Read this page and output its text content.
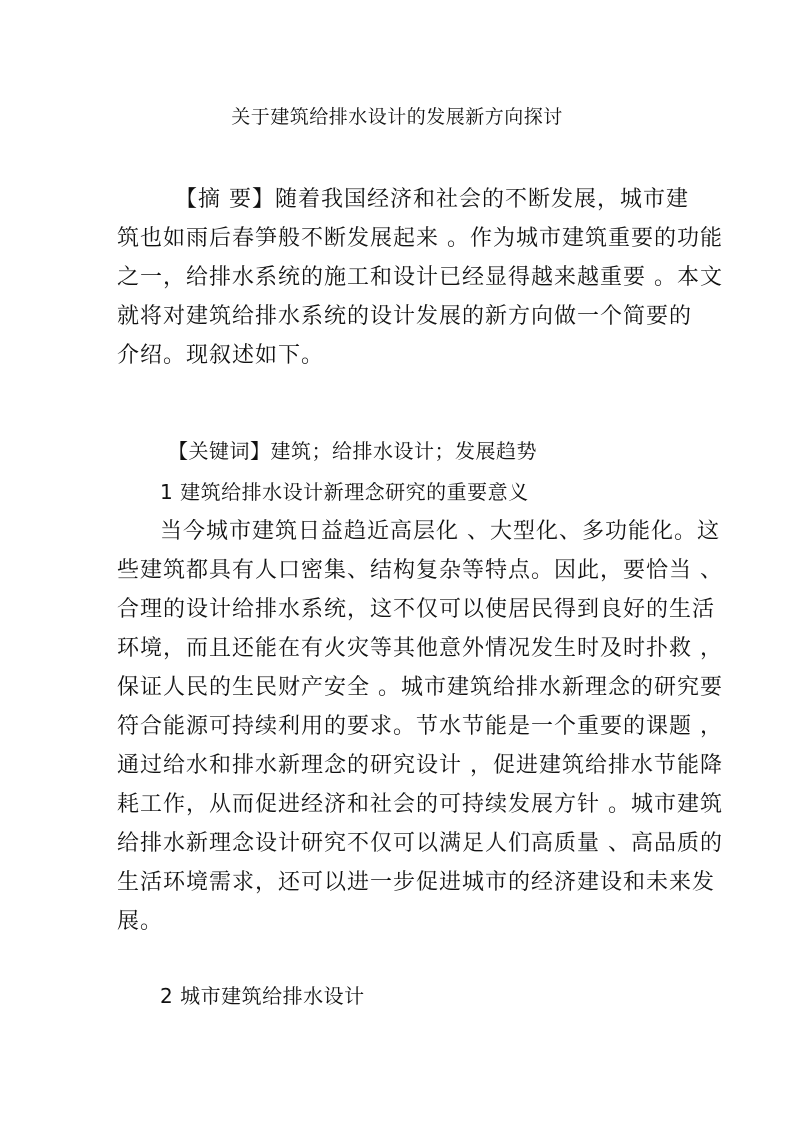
关于建筑给排水设计的发展新方向探讨
【摘 要】随着我国经济和社会的不断发展，城市建
筑也如雨后春笋般不断发展起来 。作为城市建筑重要的功能
之一，给排水系统的施工和设计已经显得越来越重要 。本文
就将对建筑给排水系统的设计发展的新方向做一个简要的
介绍。现叙述如下。
【关键词】建筑；给排水设计；发展趋势
1 建筑给排水设计新理念研究的重要意义
当今城市建筑日益趋近高层化 、大型化、多功能化。这
些建筑都具有人口密集、结构复杂等特点。因此，要恰当 、
合理的设计给排水系统，这不仅可以使居民得到良好的生活
环境，而且还能在有火灾等其他意外情况发生时及时扑救 ，
保证人民的生民财产安全 。城市建筑给排水新理念的研究要
符合能源可持续利用的要求。节水节能是一个重要的课题 ，
通过给水和排水新理念的研究设计 ，促进建筑给排水节能降
耗工作，从而促进经济和社会的可持续发展方针 。城市建筑
给排水新理念设计研究不仅可以满足人们高质量 、高品质的
生活环境需求，还可以进一步促进城市的经济建设和未来发
展。
2 城市建筑给排水设计
